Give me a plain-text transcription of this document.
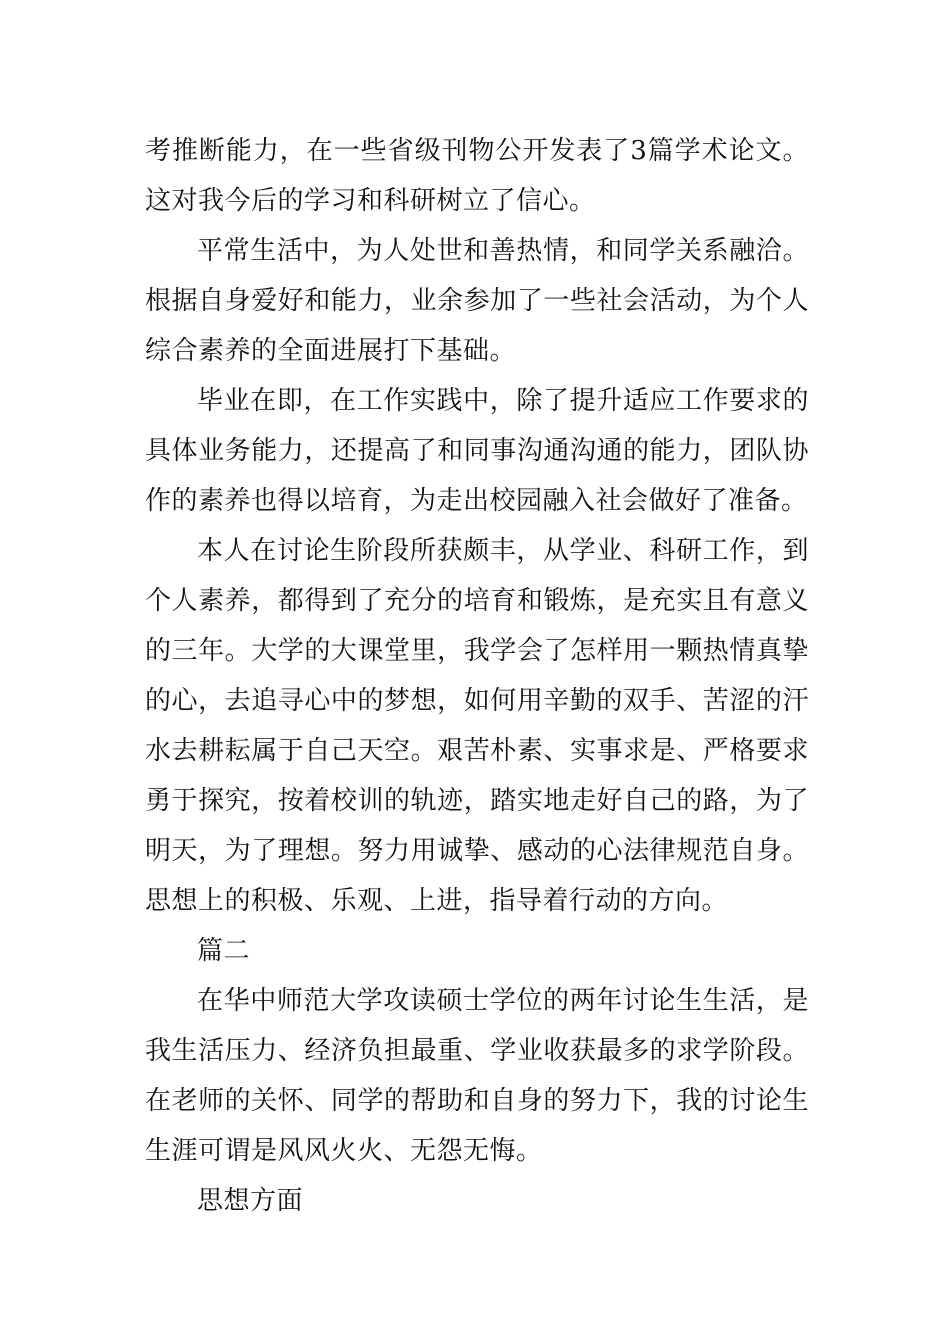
考推断能力，在一些省级刊物公开发表了3篇学术论文。这对我今后的学习和科研树立了信心。

平常生活中，为人处世和善热情，和同学关系融洽。根据自身爱好和能力，业余参加了一些社会活动，为个人综合素养的全面进展打下基础。

毕业在即，在工作实践中，除了提升适应工作要求的具体业务能力，还提高了和同事沟通沟通的能力，团队协作的素养也得以培育，为走出校园融入社会做好了准备。

本人在讨论生阶段所获颇丰，从学业、科研工作，到个人素养，都得到了充分的培育和锻炼，是充实且有意义的三年。大学的大课堂里，我学会了怎样用一颗热情真挚的心，去追寻心中的梦想，如何用辛勤的双手、苦涩的汗水去耕耘属于自己天空。艰苦朴素、实事求是、严格要求勇于探究，按着校训的轨迹，踏实地走好自己的路，为了明天，为了理想。努力用诚挚、感动的心法律规范自身。思想上的积极、乐观、上进，指导着行动的方向。

篇二

在华中师范大学攻读硕士学位的两年讨论生生活，是我生活压力、经济负担最重、学业收获最多的求学阶段。在老师的关怀、同学的帮助和自身的努力下，我的讨论生生涯可谓是风风火火、无怨无悔。

思想方面
